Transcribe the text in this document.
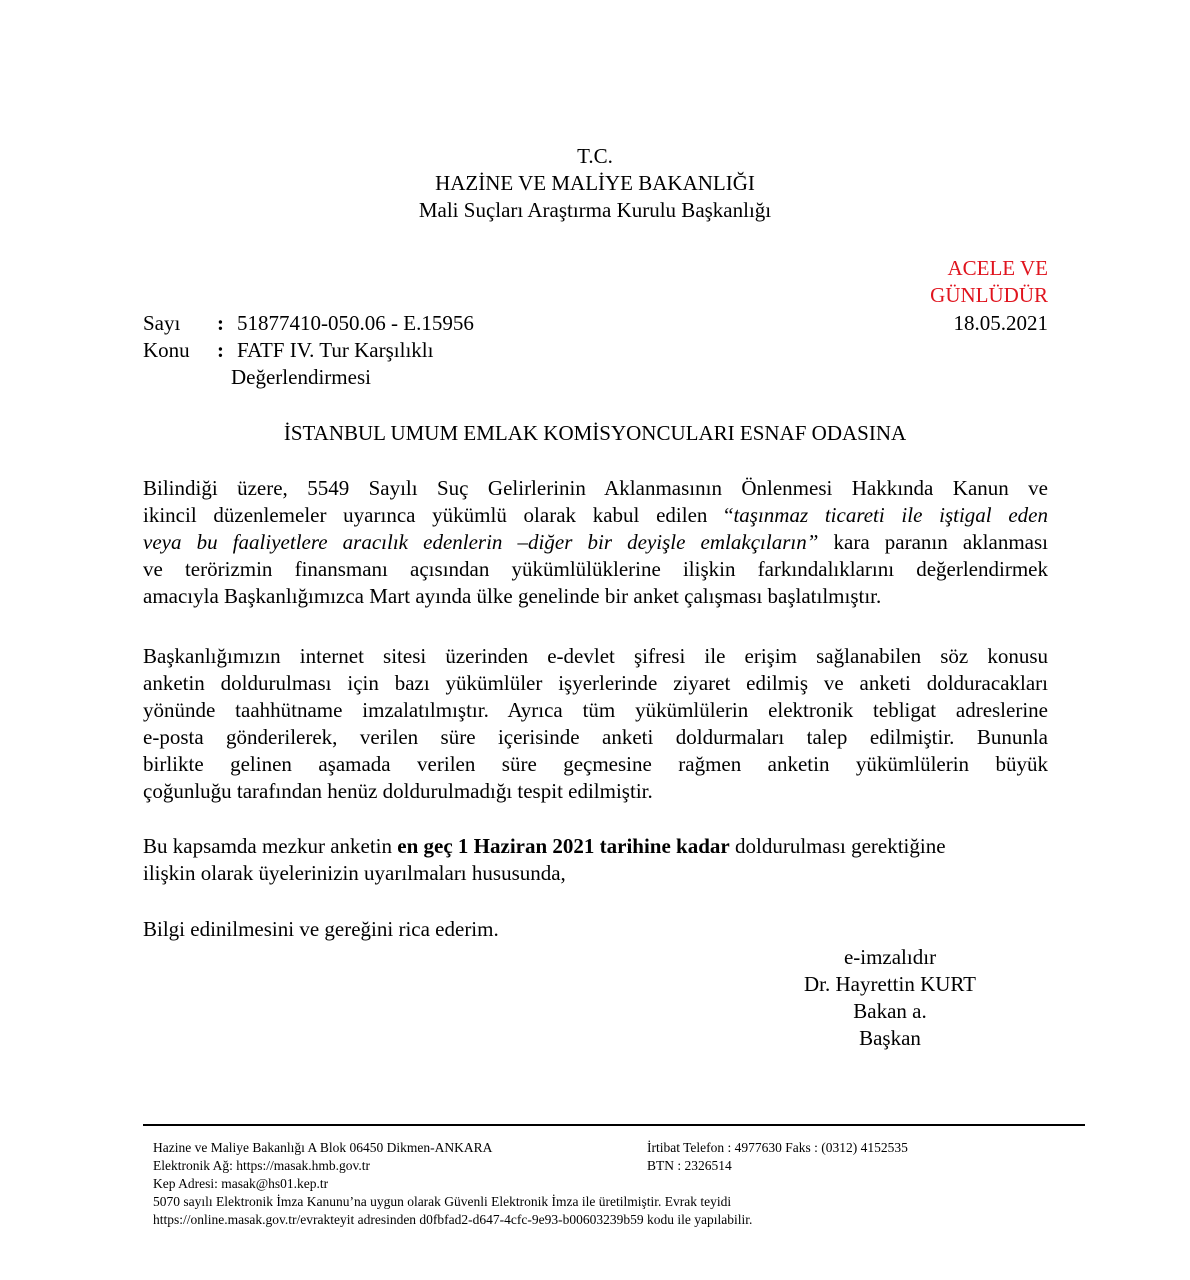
T.C.
HAZİNE VE MALİYE BAKANLIĞI
Mali Suçları Araştırma Kurulu Başkanlığı
ACELE VE
GÜNLÜDÜR
18.05.2021
Sayı : 51877410-050.06 - E.15956
Konu : FATF IV. Tur Karşılıklı
Değerlendirmesi
İSTANBUL UMUM EMLAK KOMİSYONCULARI ESNAF ODASINA
Bilindiği üzere, 5549 Sayılı Suç Gelirlerinin Aklanmasının Önlenmesi Hakkında Kanun ve
ikincil düzenlemeler uyarınca yükümlü olarak kabul edilen “taşınmaz ticareti ile iştigal eden
veya bu faaliyetlere aracılık edenlerin –diğer bir deyişle emlakçıların” kara paranın aklanması
ve terörizmin finansmanı açısından yükümlülüklerine ilişkin farkındalıklarını değerlendirmek
amacıyla Başkanlığımızca Mart ayında ülke genelinde bir anket çalışması başlatılmıştır.
Başkanlığımızın internet sitesi üzerinden e-devlet şifresi ile erişim sağlanabilen söz konusu
anketin doldurulması için bazı yükümlüler işyerlerinde ziyaret edilmiş ve anketi dolduracakları
yönünde taahhütname imzalatılmıştır. Ayrıca tüm yükümlülerin elektronik tebligat adreslerine
e-posta gönderilerek, verilen süre içerisinde anketi doldurmaları talep edilmiştir. Bununla
birlikte gelinen aşamada verilen süre geçmesine rağmen anketin yükümlülerin büyük
çoğunluğu tarafından henüz doldurulmadığı tespit edilmiştir.
Bu kapsamda mezkur anketin en geç 1 Haziran 2021 tarihine kadar doldurulması gerektiğine
ilişkin olarak üyelerinizin uyarılmaları hususunda,
Bilgi edinilmesini ve gereğini rica ederim.
e-imzalıdır
Dr. Hayrettin KURT
Bakan a.
Başkan
Hazine ve Maliye Bakanlığı A Blok 06450 Dikmen-ANKARA
Elektronik Ağ: https://masak.hmb.gov.tr
Kep Adresi: masak@hs01.kep.tr
İrtibat Telefon : 4977630 Faks : (0312) 4152535
BTN : 2326514
5070 sayılı Elektronik İmza Kanunu’na uygun olarak Güvenli Elektronik İmza ile üretilmiştir. Evrak teyidi
https://online.masak.gov.tr/evrakteyit adresinden d0fbfad2-d647-4cfc-9e93-b00603239b59 kodu ile yapılabilir.
